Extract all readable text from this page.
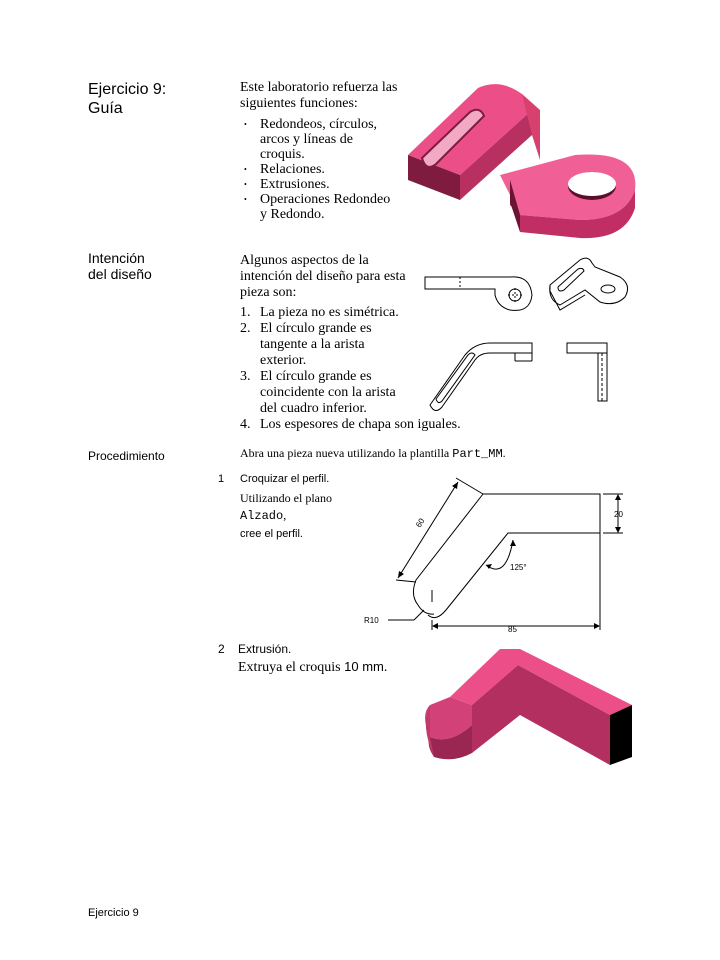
Ejercicio 9:
Guía
Este laboratorio refuerza las siguientes funciones:
• Redondeos, círculos, arcos y líneas de croquis.
• Relaciones.
• Extrusiones.
• Operaciones Redondeo y Redondo.
Intención
del diseño
Algunos aspectos de la intención del diseño para esta pieza son:
1. La pieza no es simétrica.
2. El círculo grande es tangente a la arista exterior.
3. El círculo grande es coincidente con la arista del cuadro inferior.
4. Los espesores de chapa son iguales.
Procedimiento	Abra una pieza nueva utilizando la plantilla Part_MM.
1 Croquizar el perfil.
Utilizando el plano
Alzado,
cree el perfil.
60
20
125°
R10
85
2 Extrusión.
Extruya el croquis 10 mm.
Ejercicio 9
